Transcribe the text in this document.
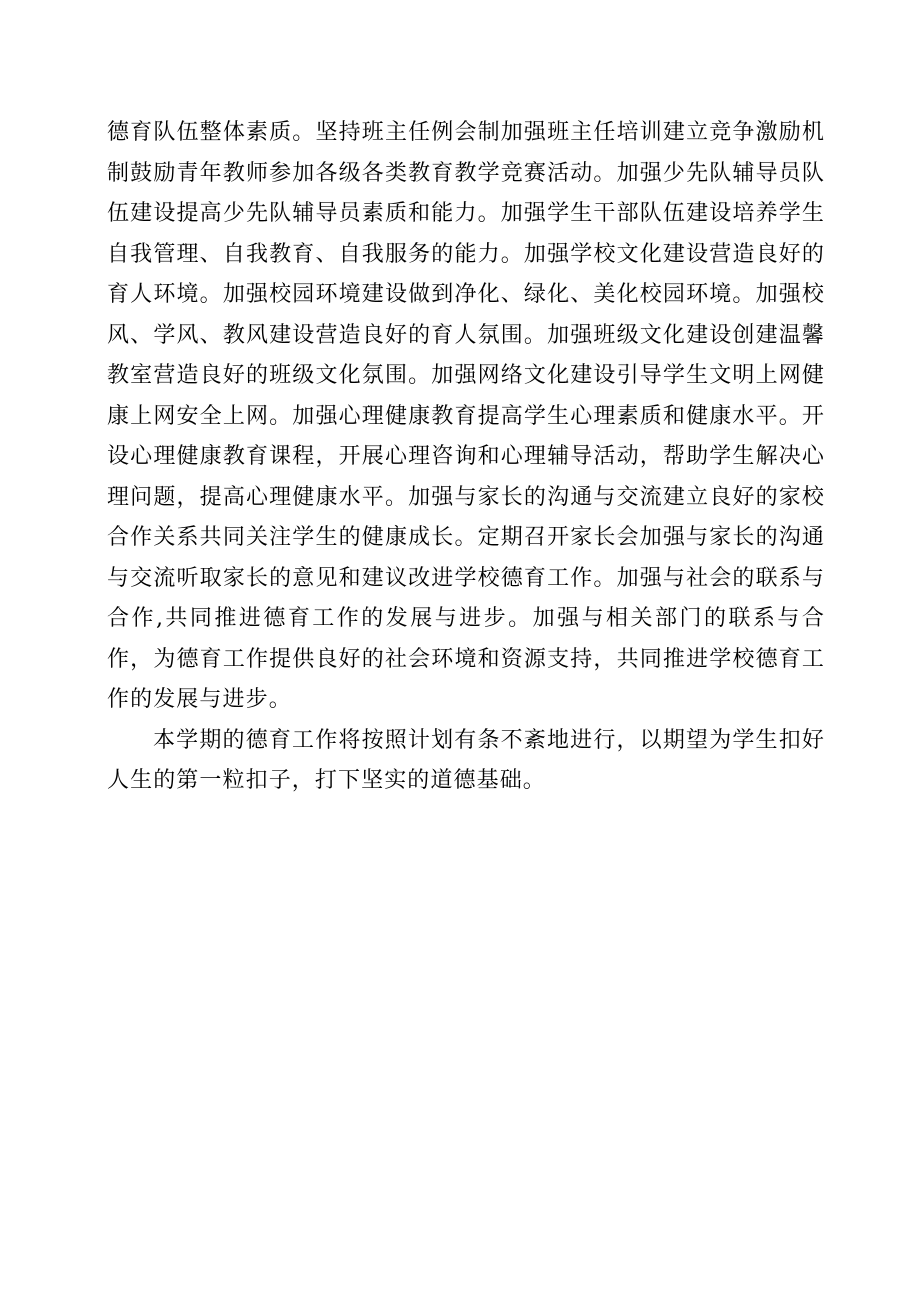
德育队伍整体素质。坚持班主任例会制加强班主任培训建立竞争激励机制鼓励青年教师参加各级各类教育教学竞赛活动。加强少先队辅导员队伍建设提高少先队辅导员素质和能力。加强学生干部队伍建设培养学生自我管理、自我教育、自我服务的能力。加强学校文化建设营造良好的育人环境。加强校园环境建设做到净化、绿化、美化校园环境。加强校风、学风、教风建设营造良好的育人氛围。加强班级文化建设创建温馨教室营造良好的班级文化氛围。加强网络文化建设引导学生文明上网健康上网安全上网。加强心理健康教育提高学生心理素质和健康水平。开设心理健康教育课程，开展心理咨询和心理辅导活动，帮助学生解决心理问题，提高心理健康水平。加强与家长的沟通与交流建立良好的家校合作关系共同关注学生的健康成长。定期召开家长会加强与家长的沟通与交流听取家长的意见和建议改进学校德育工作。加强与社会的联系与合作,共同推进德育工作的发展与进步。加强与相关部门的联系与合作，为德育工作提供良好的社会环境和资源支持，共同推进学校德育工作的发展与进步。

本学期的德育工作将按照计划有条不紊地进行，以期望为学生扣好人生的第一粒扣子，打下坚实的道德基础。
